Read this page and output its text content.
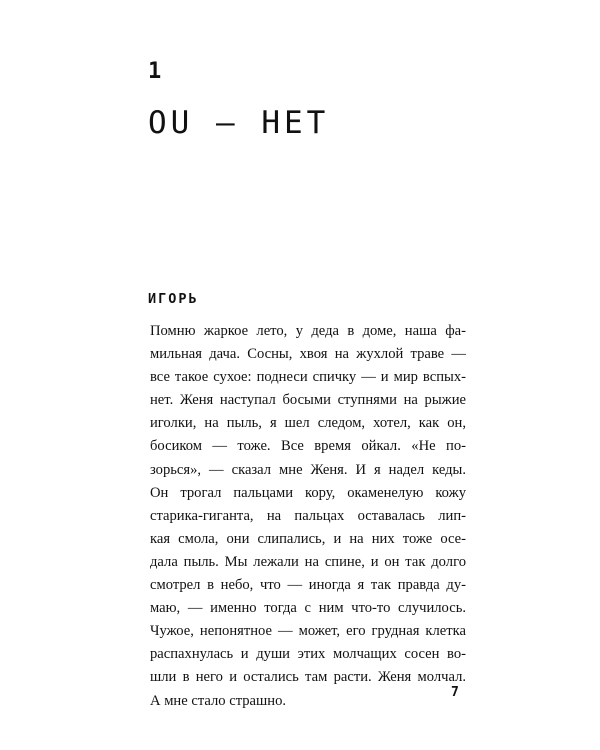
1
OU — НЕТ
ИГОРЬ
Помню жаркое лето, у деда в доме, наша фа-
мильная дача. Сосны, хвоя на жухлой траве —
все такое сухое: поднеси спичку — и мир вспых-
нет. Женя наступал босыми ступнями на рыжие
иголки, на пыль, я шел следом, хотел, как он,
босиком — тоже. Все время ойкал. «Не по-
зорься», — сказал мне Женя. И я надел кеды.
Он трогал пальцами кору, окаменелую кожу
старика-гиганта, на пальцах оставалась лип-
кая смола, они слипались, и на них тоже осе-
дала пыль. Мы лежали на спине, и он так долго
смотрел в небо, что — иногда я так правда ду-
маю, — именно тогда с ним что-то случилось.
Чужое, непонятное — может, его грудная клетка
распахнулась и души этих молчащих сосен во-
шли в него и остались там расти. Женя молчал.
А мне стало страшно.	7
